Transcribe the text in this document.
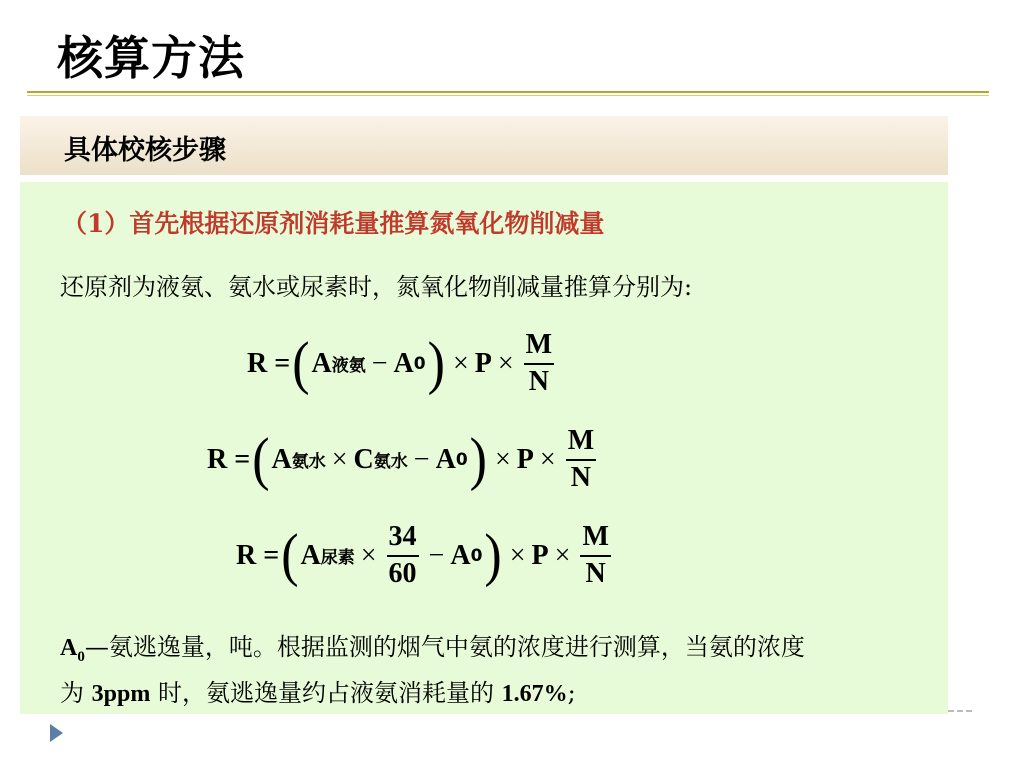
核算方法
具体校核步骤
（1）首先根据还原剂消耗量推算氮氧化物削减量
还原剂为液氨、氨水或尿素时，氮氧化物削减量推算分别为:
R = ( A 液氨 − A 0 ) × $P \times \frac{M}{N}$
R = ( A 氨水 × C 氨水 − A 0 ) × $P \times \frac{M}{N}$
R = ( A 尿素 × $\frac{34}{60} - A$ 0 ) × $P \times \frac{M}{N}$
$A_0—$氨逃逸量，吨。根据监测的烟气中氨的浓度进行测算，当氨的浓度
为 3ppm 时，氨逃逸量约占液氨消耗量的 1.67%;
